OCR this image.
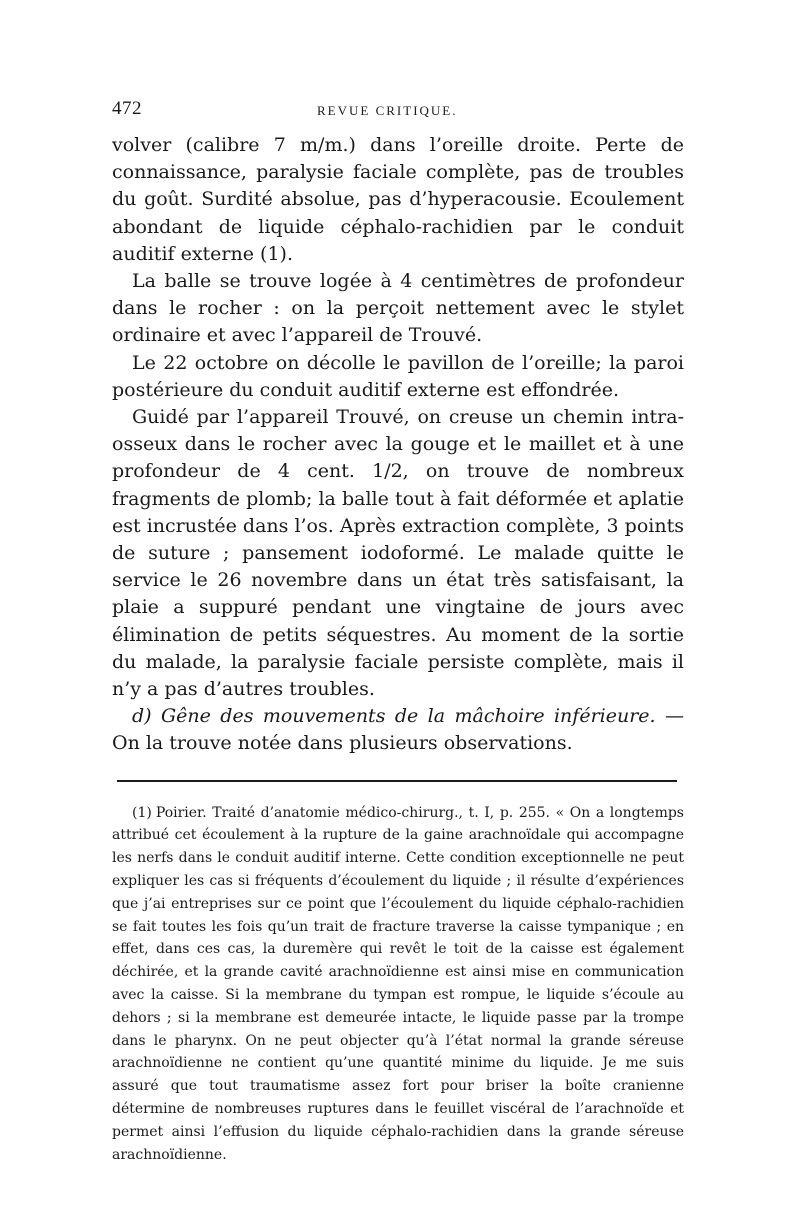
472	REVUE CRITIQUE.

volver (calibre 7 m/m.) dans l’oreille droite. Perte de connaissance, paralysie faciale complète, pas de troubles du goût. Surdité absolue, pas d’hyperacousie. Ecoulement abondant de liquide céphalo-rachidien par le conduit auditif externe (1).

La balle se trouve logée à 4 centimètres de profondeur dans le rocher : on la perçoit nettement avec le stylet ordinaire et avec l’appareil de Trouvé.

Le 22 octobre on décolle le pavillon de l’oreille; la paroi postérieure du conduit auditif externe est effondrée.

Guidé par l’appareil Trouvé, on creuse un chemin intraosseux dans le rocher avec la gouge et le maillet et à une profondeur de 4 cent. 1/2, on trouve de nombreux fragments de plomb; la balle tout à fait déformée et aplatie est incrustée dans l’os. Après extraction complète, 3 points de suture ; pansement iodoformé. Le malade quitte le service le 26 novembre dans un état très satisfaisant, la plaie a suppuré pendant une vingtaine de jours avec élimination de petits séquestres. Au moment de la sortie du malade, la paralysie faciale persiste complète, mais il n’y a pas d’autres troubles.

d) Gêne des mouvements de la mâchoire inférieure. — On la trouve notée dans plusieurs observations.

(1) Poirier. Traité d’anatomie médico-chirurg., t. I, p. 255. « On a longtemps attribué cet écoulement à la rupture de la gaine arachnoïdale qui accompagne les nerfs dans le conduit auditif interne. Cette condition exceptionnelle ne peut expliquer les cas si fréquents d’écoulement du liquide ; il résulte d’expériences que j’ai entreprises sur ce point que l’écoulement du liquide céphalo-rachidien se fait toutes les fois qu’un trait de fracture traverse la caisse tympanique ; en effet, dans ces cas, la duremère qui revêt le toit de la caisse est également déchirée, et la grande cavité arachnoïdienne est ainsi mise en communication avec la caisse. Si la membrane du tympan est rompue, le liquide s’écoule au dehors ; si la membrane est demeurée intacte, le liquide passe par la trompe dans le pharynx. On ne peut objecter qu’à l’état normal la grande séreuse arachnoïdienne ne contient qu’une quantité minime du liquide. Je me suis assuré que tout traumatisme assez fort pour briser la boîte cranienne détermine de nombreuses ruptures dans le feuillet viscéral de l’arachnoïde et permet ainsi l’effusion du liquide céphalo-rachidien dans la grande séreuse arachnoïdienne.
